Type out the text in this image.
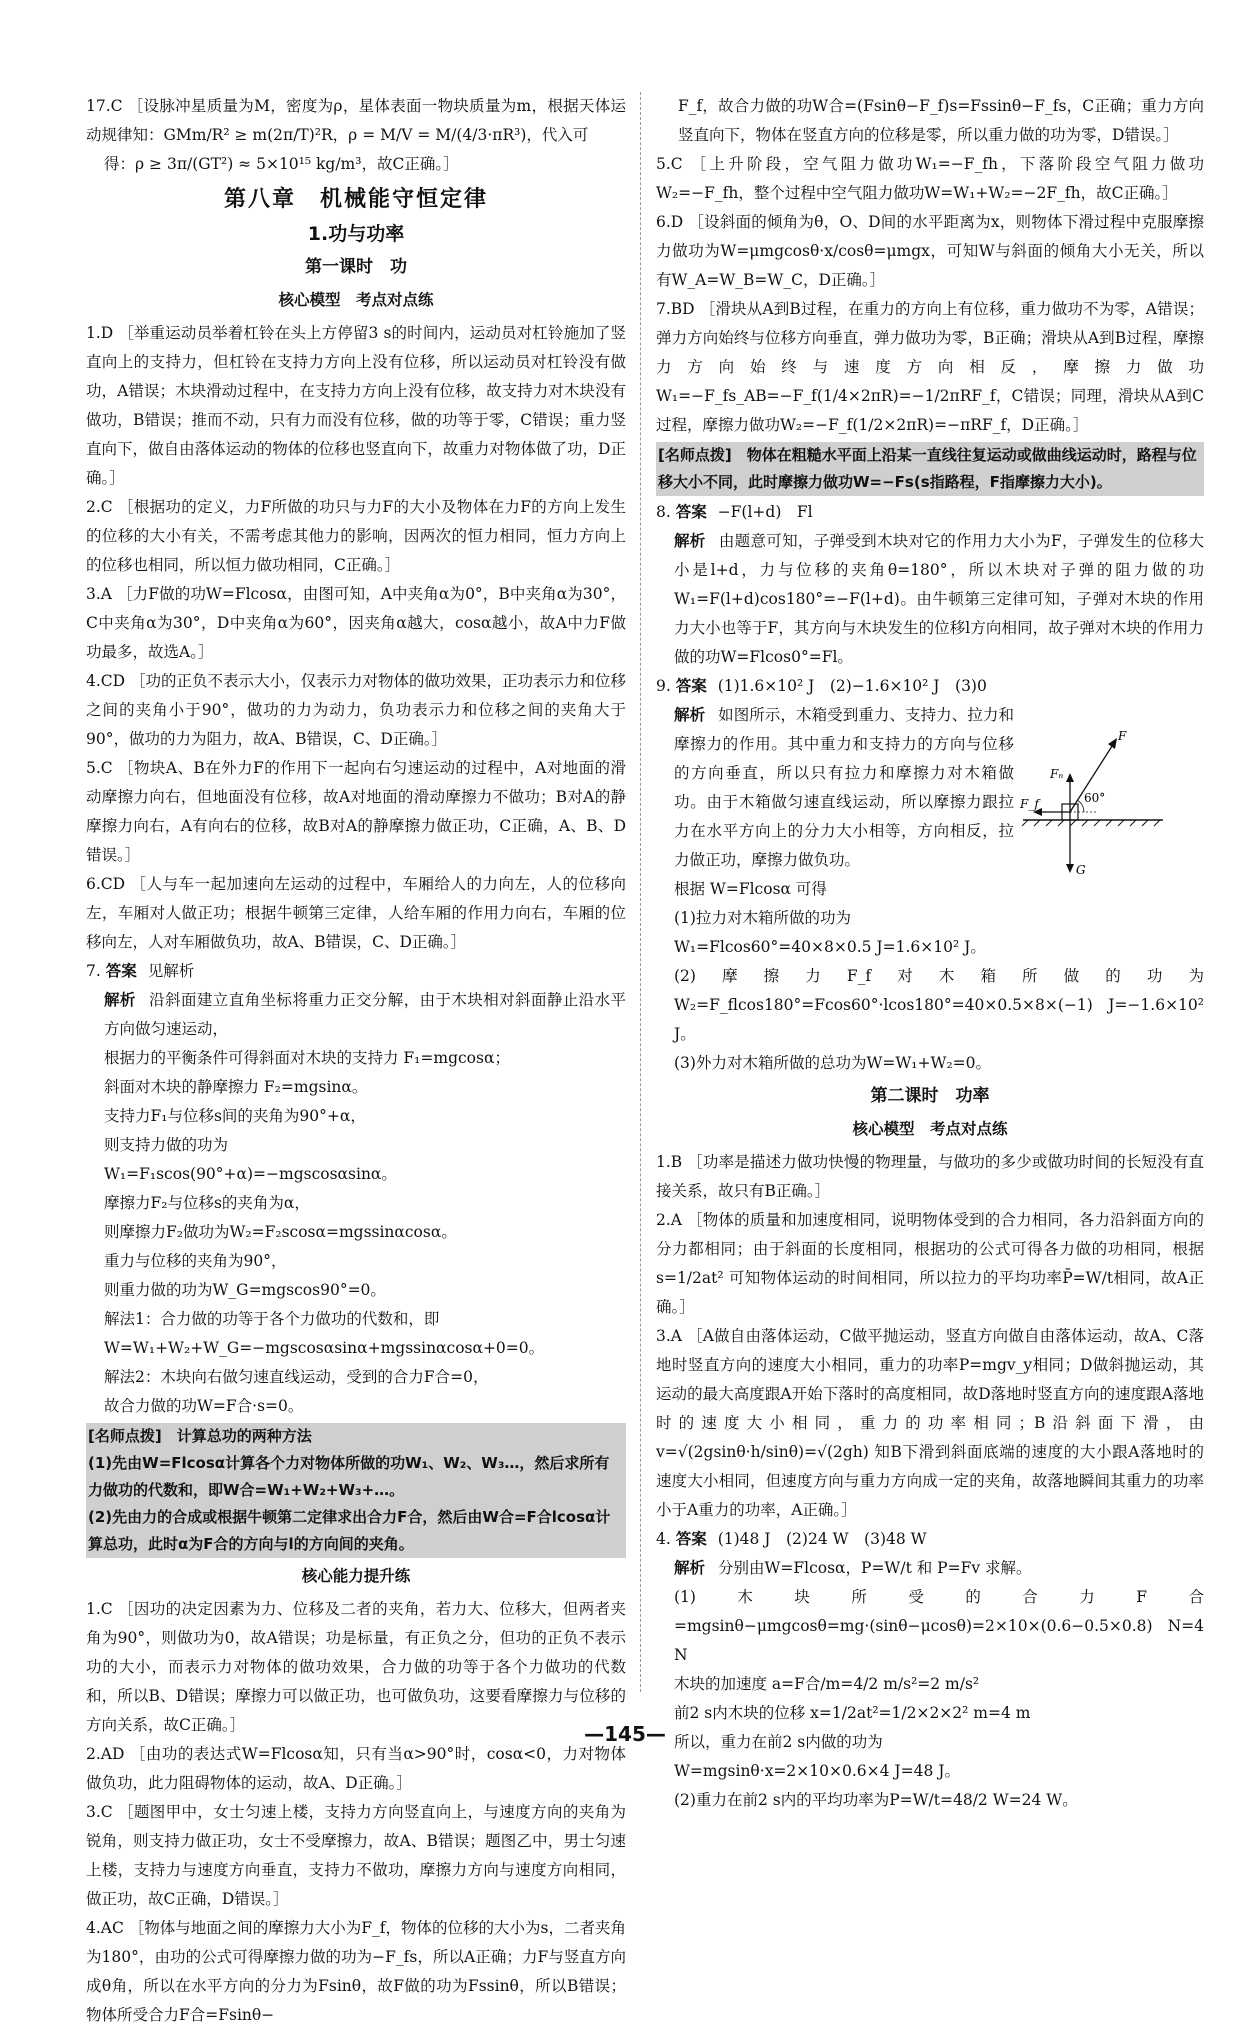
17.C ［设脉冲星质量为M，密度为ρ，星体表面一物块质量为m，根据天体运动规律知：GMm/R² ≥ m(2π/T)²R，ρ = M/V = M/(4/3·πR³)，代入可

得：ρ ≥ 3π/(GT²) ≈ 5×10¹⁵ kg/m³，故C正确。］

第八章　机械能守恒定律
1.功与功率
第一课时　功
核心模型　考点对点练

1.D ［举重运动员举着杠铃在头上方停留3 s的时间内，运动员对杠铃施加了竖直向上的支持力，但杠铃在支持力方向上没有位移，所以运动员对杠铃没有做功，A错误；木块滑动过程中，在支持力方向上没有位移，故支持力对木块没有做功，B错误；推而不动，只有力而没有位移，做的功等于零，C错误；重力竖直向下，做自由落体运动的物体的位移也竖直向下，故重力对物体做了功，D正确。］

2.C ［根据功的定义，力F所做的功只与力F的大小及物体在力F的方向上发生的位移的大小有关，不需考虑其他力的影响，因两次的恒力相同，恒力方向上的位移也相同，所以恒力做功相同，C正确。］

3.A ［力F做的功W=Flcosα，由图可知，A中夹角α为0°，B中夹角α为30°，C中夹角α为30°，D中夹角α为60°，因夹角α越大，cosα越小，故A中力F做功最多，故选A。］

4.CD ［功的正负不表示大小，仅表示力对物体的做功效果，正功表示力和位移之间的夹角小于90°，做功的力为动力，负功表示力和位移之间的夹角大于90°，做功的力为阻力，故A、B错误，C、D正确。］

5.C ［物块A、B在外力F的作用下一起向右匀速运动的过程中，A对地面的滑动摩擦力向右，但地面没有位移，故A对地面的滑动摩擦力不做功；B对A的静摩擦力向右，A有向右的位移，故B对A的静摩擦力做正功，C正确，A、B、D错误。］

6.CD ［人与车一起加速向左运动的过程中，车厢给人的力向左，人的位移向左，车厢对人做正功；根据牛顿第三定律，人给车厢的作用力向右，车厢的位移向左，人对车厢做负功，故A、B错误，C、D正确。］

7. 答案 见解析

解析 沿斜面建立直角坐标将重力正交分解，由于木块相对斜面静止沿水平方向做匀速运动，

根据力的平衡条件可得斜面对木块的支持力 F₁=mgcosα；

斜面对木块的静摩擦力 F₂=mgsinα。

支持力F₁与位移s间的夹角为90°+α，

则支持力做的功为

W₁=F₁scos(90°+α)=−mgscosαsinα。

摩擦力F₂与位移s的夹角为α，

则摩擦力F₂做功为W₂=F₂scosα=mgssinαcosα。

重力与位移的夹角为90°，

则重力做的功为W_G=mgscos90°=0。

解法1：合力做的功等于各个力做功的代数和，即

W=W₁+W₂+W_G=−mgscosαsinα+mgssinαcosα+0=0。

解法2：木块向右做匀速直线运动，受到的合力F合=0，

故合力做的功W=F合·s=0。

[名师点拨]　计算总功的两种方法
(1)先由W=Flcosα计算各个力对物体所做的功W₁、W₂、W₃…，然后求所有力做功的代数和，即W合=W₁+W₂+W₃+…。
(2)先由力的合成或根据牛顿第二定律求出合力F合，然后由W合=F合lcosα计算总功，此时α为F合的方向与l的方向间的夹角。
核心能力提升练

1.C ［因功的决定因素为力、位移及二者的夹角，若力大、位移大，但两者夹角为90°，则做功为0，故A错误；功是标量，有正负之分，但功的正负不表示功的大小，而表示力对物体的做功效果，合力做的功等于各个力做功的代数和，所以B、D错误；摩擦力可以做正功，也可做负功，这要看摩擦力与位移的方向关系，故C正确。］

2.AD ［由功的表达式W=Flcosα知，只有当α>90°时，cosα<0，力对物体做负功，此力阻碍物体的运动，故A、D正确。］

3.C ［题图甲中，女士匀速上楼，支持力方向竖直向上，与速度方向的夹角为锐角，则支持力做正功，女士不受摩擦力，故A、B错误；题图乙中，男士匀速上楼，支持力与速度方向垂直，支持力不做功，摩擦力方向与速度方向相同，做正功，故C正确，D错误。］

4.AC ［物体与地面之间的摩擦力大小为F_f，物体的位移的大小为s，二者夹角为180°，由功的公式可得摩擦力做的功为−F_fs，所以A正确；力F与竖直方向成θ角，所以在水平方向的分力为Fsinθ，故F做的功为Fssinθ，所以B错误；物体所受合力F合=Fsinθ−

F_f，故合力做的功W合=(Fsinθ−F_f)s=Fssinθ−F_fs，C正确；重力方向竖直向下，物体在竖直方向的位移是零，所以重力做的功为零，D错误。］

5.C ［上升阶段，空气阻力做功W₁=−F_fh，下落阶段空气阻力做功W₂=−F_fh，整个过程中空气阻力做功W=W₁+W₂=−2F_fh，故C正确。］

6.D ［设斜面的倾角为θ，O、D间的水平距离为x，则物体下滑过程中克服摩擦力做功为W=μmgcosθ·x/cosθ=μmgx，可知W与斜面的倾角大小无关，所以有W_A=W_B=W_C，D正确。］

7.BD ［滑块从A到B过程，在重力的方向上有位移，重力做功不为零，A错误；弹力方向始终与位移方向垂直，弹力做功为零，B正确；滑块从A到B过程，摩擦力方向始终与速度方向相反，摩擦力做功W₁=−F_fs_AB=−F_f(1/4×2πR)=−1/2πRF_f，C错误；同理，滑块从A到C过程，摩擦力做功W₂=−F_f(1/2×2πR)=−πRF_f，D正确。］

[名师点拨]　物体在粗糙水平面上沿某一直线往复运动或做曲线运动时，路程与位移大小不同，此时摩擦力做功W=−Fs(s指路程，F指摩擦力大小)。

8. 答案 −F(l+d)　Fl

解析 由题意可知，子弹受到木块对它的作用力大小为F，子弹发生的位移大小是l+d，力与位移的夹角θ=180°，所以木块对子弹的阻力做的功W₁=F(l+d)cos180°=−F(l+d)。由牛顿第三定律可知，子弹对木块的作用力大小也等于F，其方向与木块发生的位移l方向相同，故子弹对木块的作用力做的功W=Flcos0°=Fl。

9. 答案 (1)1.6×10² J　(2)−1.6×10² J　(3)0

解析 如图所示，木箱受到重力、支持力、拉力和摩擦力的作用。其中重力和支持力的方向与位移的方向垂直，所以只有拉力和摩擦力对木箱做功。由于木箱做匀速直线运动，所以摩擦力跟拉力在水平方向上的分力大小相等，方向相反，拉力做正功，摩擦力做负功。

根据 W=Flcosα 可得

(1)拉力对木箱所做的功为

W₁=Flcos60°=40×8×0.5 J=1.6×10² J。

(2)摩擦力F_f对木箱所做的功为W₂=F_flcos180°=Fcos60°·lcos180°=40×0.5×8×(−1) J=−1.6×10² J。

(3)外力对木箱所做的总功为W=W₁+W₂=0。

第二课时　功率
核心模型　考点对点练

1.B ［功率是描述力做功快慢的物理量，与做功的多少或做功时间的长短没有直接关系，故只有B正确。］

2.A ［物体的质量和加速度相同，说明物体受到的合力相同，各力沿斜面方向的分力都相同；由于斜面的长度相同，根据功的公式可得各力做的功相同，根据 s=1/2at² 可知物体运动的时间相同，所以拉力的平均功率P̄=W/t相同，故A正确。］

3.A ［A做自由落体运动，C做平抛运动，竖直方向做自由落体运动，故A、C落地时竖直方向的速度大小相同，重力的功率P=mgv_y相同；D做斜抛运动，其运动的最大高度跟A开始下落时的高度相同，故D落地时竖直方向的速度跟A落地时的速度大小相同，重力的功率相同；B沿斜面下滑，由 v=√(2gsinθ·h/sinθ)=√(2gh) 知B下滑到斜面底端的速度的大小跟A落地时的速度大小相同，但速度方向与重力方向成一定的夹角，故落地瞬间其重力的功率小于A重力的功率，A正确。］

4. 答案 (1)48 J　(2)24 W　(3)48 W

解析 分别由W=Flcosα，P=W/t 和 P=Fv 求解。

(1)木块所受的合力F合=mgsinθ−μmgcosθ=mg·(sinθ−μcosθ)=2×10×(0.6−0.5×0.8) N=4 N

木块的加速度 a=F合/m=4/2 m/s²=2 m/s²

前2 s内木块的位移 x=1/2at²=1/2×2×2² m=4 m

所以，重力在前2 s内做的功为

W=mgsinθ·x=2×10×0.6×4 J=48 J。

(2)重力在前2 s内的平均功率为P=W/t=48/2 W=24 W。

F
Fₙ
F_f
G
60°
—145—
